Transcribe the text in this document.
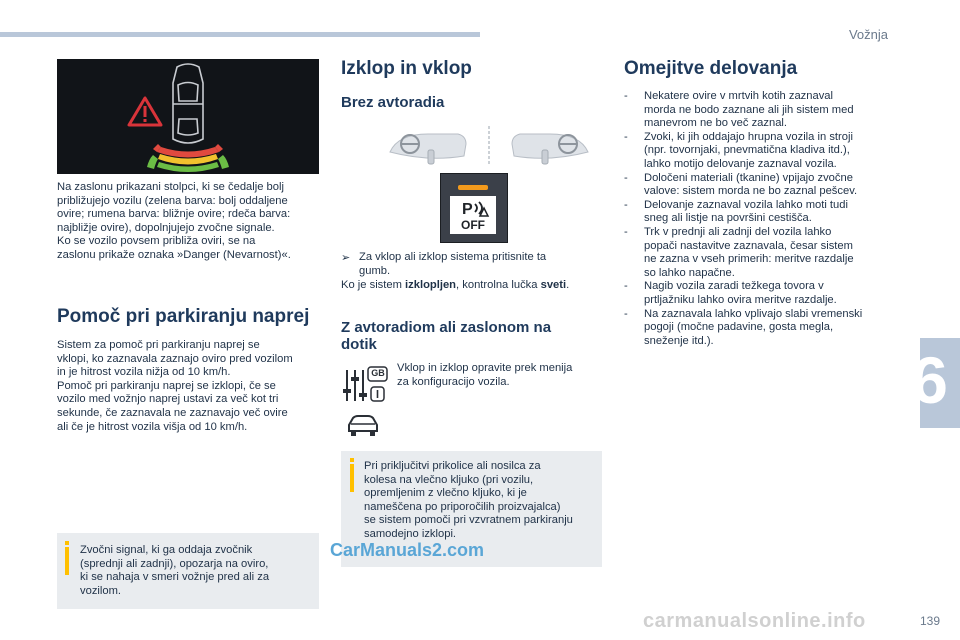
Vožnja
6
Na zaslonu prikazani stolpci, ki se čedalje bolj
približujejo vozilu (zelena barva: bolj oddaljene
ovire; rumena barva: bližnje ovire; rdeča barva:
najbližje ovire), dopolnjujejo zvočne signale.
Ko se vozilo povsem približa oviri, se na
zaslonu prikaže oznaka »Danger (Nevarnost)«.
Pomoč pri parkiranju naprej
Sistem za pomoč pri parkiranju naprej se
vklopi, ko zaznavala zaznajo oviro pred vozilom
in je hitrost vozila nižja od 10 km/h.
Pomoč pri parkiranju naprej se izklopi, če se
vozilo med vožnjo naprej ustavi za več kot tri
sekunde, če zaznavala ne zaznavajo več ovire
ali če je hitrost vozila višja od 10 km/h.
Zvočni signal, ki ga oddaja zvočnik
(sprednji ali zadnji), opozarja na oviro,
ki se nahaja v smeri vožnje pred ali za
vozilom.
Izklop in vklop
Brez avtoradia
P
OFF
➢ Za vklop ali izklop sistema pritisnite ta
gumb.
Ko je sistem izklopljen, kontrolna lučka sveti.
Z avtoradiom ali zaslonom na
dotik
GB Vklop in izklop opravite prek menija
za konfiguracijo vozila.
Pri priključitvi prikolice ali nosilca za
kolesa na vlečno kljuko (pri vozilu,
opremljenim z vlečno kljuko, ki je
nameščena po priporočilih proizvajalca)
se sistem pomoči pri vzvratnem parkiranju
samodejno izklopi.
CarManuals2.com
Omejitve delovanja
- Nekatere ovire v mrtvih kotih zaznaval
morda ne bodo zaznane ali jih sistem med
manevrom ne bo več zaznal.
- Zvoki, ki jih oddajajo hrupna vozila in stroji
(npr. tovornjaki, pnevmatična kladiva itd.),
lahko motijo delovanje zaznaval vozila.
- Določeni materiali (tkanine) vpijajo zvočne
valove: sistem morda ne bo zaznal pešcev.
- Delovanje zaznaval vozila lahko moti tudi
sneg ali listje na površini cestišča.
- Trk v prednji ali zadnji del vozila lahko
popači nastavitve zaznavala, česar sistem
ne zazna v vseh primerih: meritve razdalje
so lahko napačne.
- Nagib vozila zaradi težkega tovora v
prtljažniku lahko ovira meritve razdalje.
- Na zaznavala lahko vplivajo slabi vremenski
pogoji (močne padavine, gosta megla,
sneženje itd.).
carmanualsonline.info	139
